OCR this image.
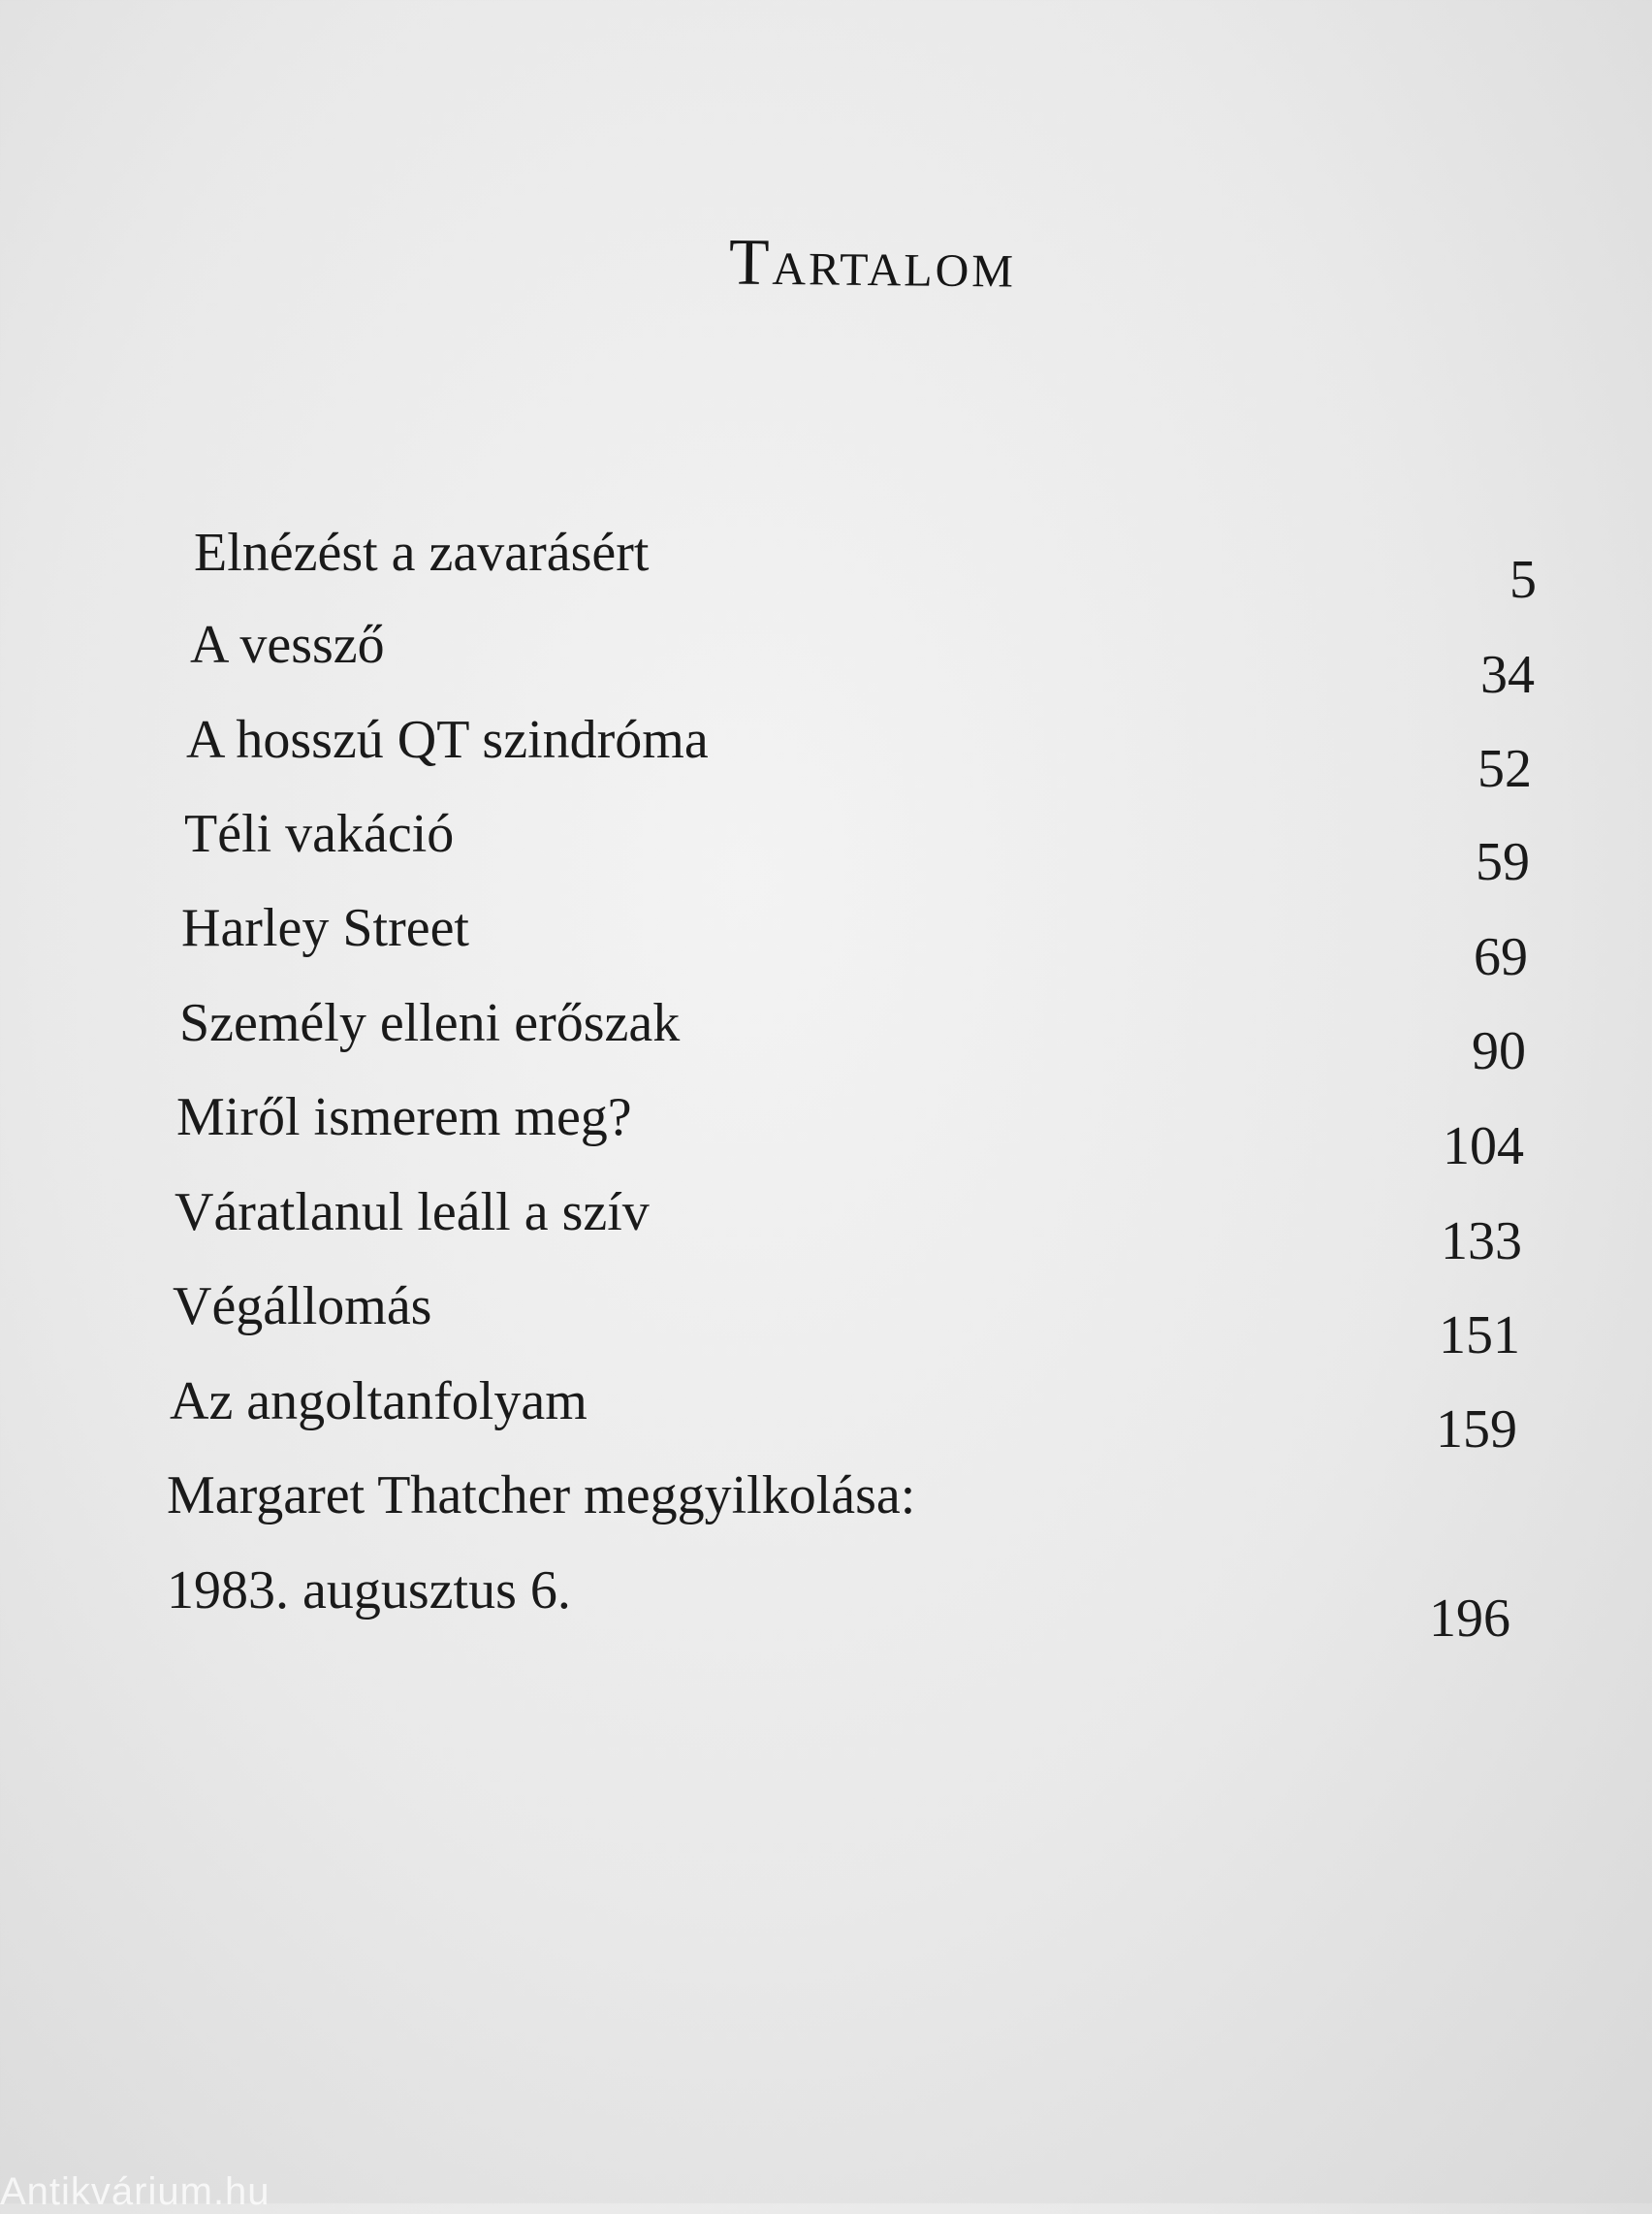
Tartalom
Elnézést a zavarásért	5
A vessző	34
A hosszú QT szindróma	52
Téli vakáció	59
Harley Street	69
Személy elleni erőszak	90
Miről ismerem meg?	104
Váratlanul leáll a szív	133
Végállomás	151
Az angoltanfolyam	159
Margaret Thatcher meggyilkolása:
1983. augusztus 6.	196
Antikvárium.hu
